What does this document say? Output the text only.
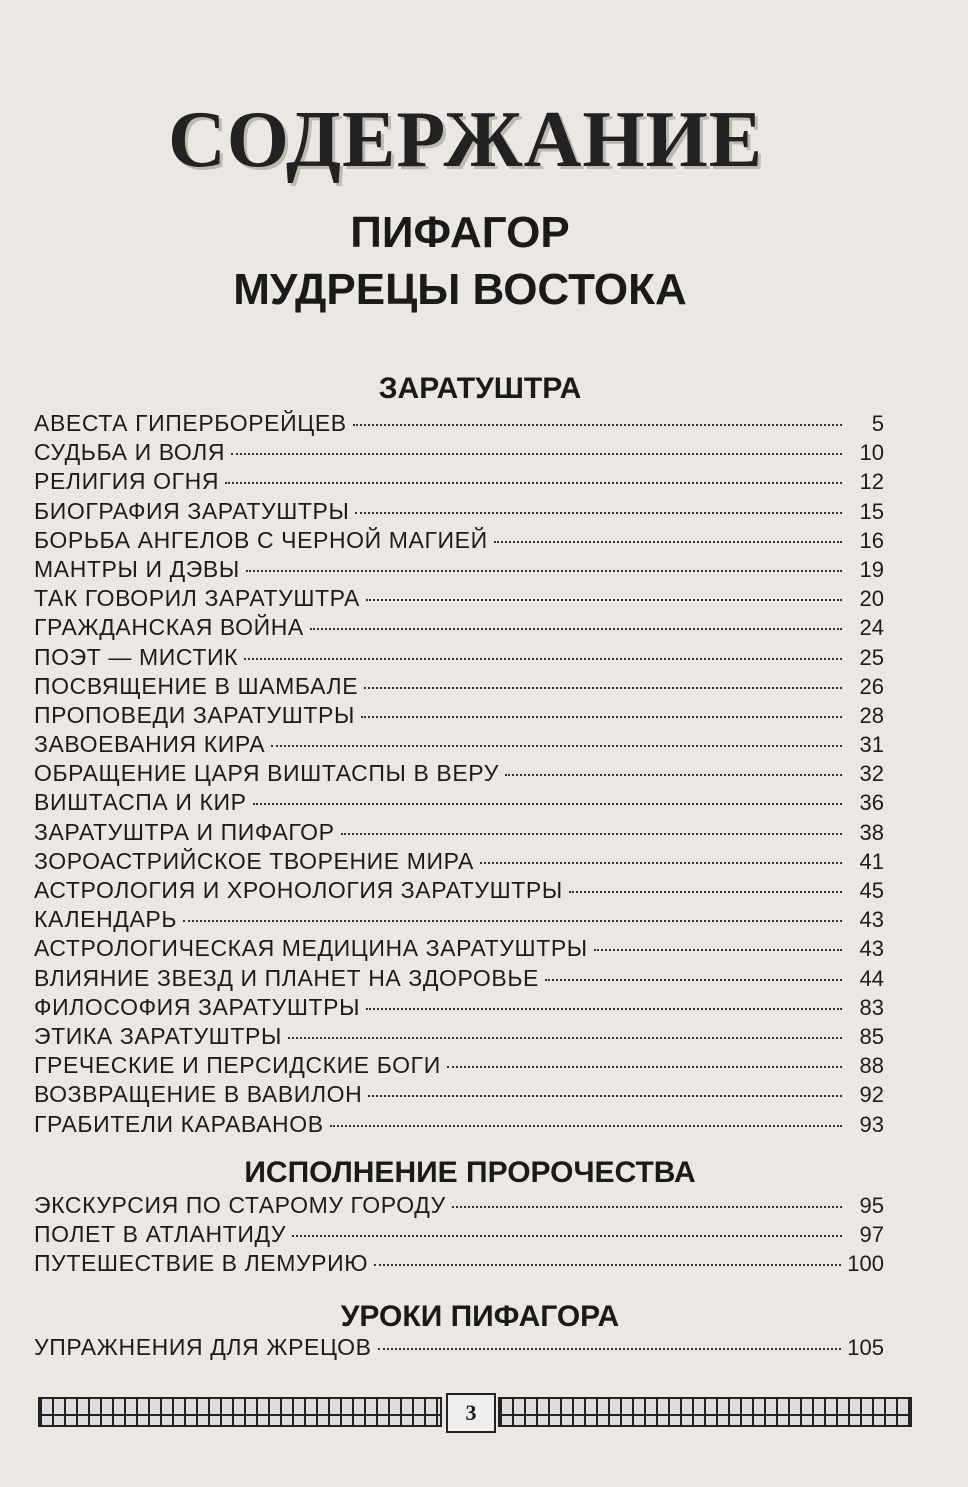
СОДЕРЖАНИЕ
ПИФАГОР
МУДРЕЦЫ ВОСТОКА
ЗАРАТУШТРА
АВЕСТА ГИПЕРБОРЕЙЦЕВ	5
СУДЬБА И ВОЛЯ	10
РЕЛИГИЯ ОГНЯ	12
БИОГРАФИЯ ЗАРАТУШТРЫ	15
БОРЬБА АНГЕЛОВ С ЧЕРНОЙ МАГИЕЙ	16
МАНТРЫ И ДЭВЫ	19
ТАК ГОВОРИЛ ЗАРАТУШТРА	20
ГРАЖДАНСКАЯ ВОЙНА	24
ПОЭТ — МИСТИК	25
ПОСВЯЩЕНИЕ В ШАМБАЛЕ	26
ПРОПОВЕДИ ЗАРАТУШТРЫ	28
ЗАВОЕВАНИЯ КИРА	31
ОБРАЩЕНИЕ ЦАРЯ ВИШТАСПЫ В ВЕРУ	32
ВИШТАСПА И КИР	36
ЗАРАТУШТРА И ПИФАГОР	38
ЗОРОАСТРИЙСКОЕ ТВОРЕНИЕ МИРА	41
АСТРОЛОГИЯ И ХРОНОЛОГИЯ ЗАРАТУШТРЫ	45
КАЛЕНДАРЬ	43
АСТРОЛОГИЧЕСКАЯ МЕДИЦИНА ЗАРАТУШТРЫ	43
ВЛИЯНИЕ ЗВЕЗД И ПЛАНЕТ НА ЗДОРОВЬЕ	44
ФИЛОСОФИЯ ЗАРАТУШТРЫ	83
ЭТИКА ЗАРАТУШТРЫ	85
ГРЕЧЕСКИЕ И ПЕРСИДСКИЕ БОГИ	88
ВОЗВРАЩЕНИЕ В ВАВИЛОН	92
ГРАБИТЕЛИ КАРАВАНОВ	93
ИСПОЛНЕНИЕ ПРОРОЧЕСТВА
ЭКСКУРСИЯ ПО СТАРОМУ ГОРОДУ	95
ПОЛЕТ В АТЛАНТИДУ	97
ПУТЕШЕСТВИЕ В ЛЕМУРИЮ	100
УРОКИ ПИФАГОРА
УПРАЖНЕНИЯ ДЛЯ ЖРЕЦОВ	105
3
